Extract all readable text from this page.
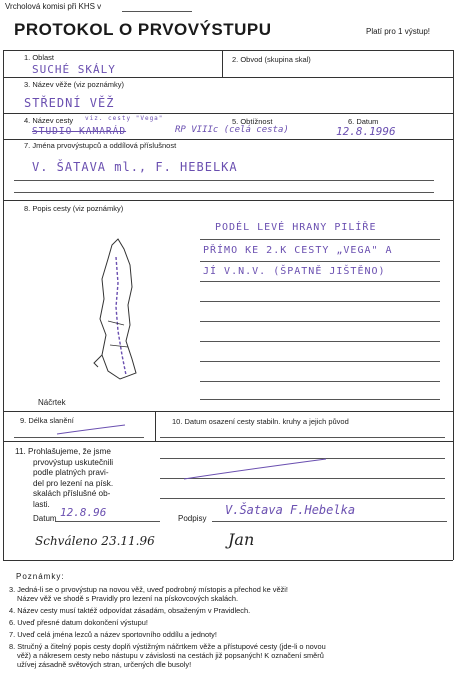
Vrcholová komisi při KHS v
PROTOKOL O PRVOVÝSTUPU	Platí pro 1 výstup!
1. Oblast
SUCHÉ SKÁLY
2. Obvod (skupina skal)
3. Název věže (viz poznámky)
STŘEDNÍ VĚŽ
4. Název cesty viz. cesty "Vega"
STUDIO KAMARÁD
5. Obtížnost
RP VIIIc (celá cesta)
6. Datum
12.8.1996
7. Jména prvovýstupců a oddílová příslušnost
V. ŠATAVA ml., F. HEBELKA
8. Popis cesty (viz poznámky)
PODÉL LEVÉ HRANY PILÍŘE
PŘÍMO KE 2.K CESTY „VEGA" A
JÍ V.N.V. (ŠPATNĚ JIŠTĚNO)
Náčrtek
9. Délka slanění	10. Datum osazení cesty stabiln. kruhy a jejich původ
11. Prohlašujeme, že jsme
prvovýstup uskutečnili
podle platných pravi-
del pro lezení na písk.
skalách příslušné ob-
lasti.
Datum 12.8.96	Podpisy
V.Šatava F.Hebelka
Schváleno 23.11.96	Jan
Poznámky:
3. Jedná-li se o prvovýstup na novou věž, uveď podrobný místopis a přechod ke věži!
Název věž ve shodě s Pravidly pro lezení na pískovcových skalách.
4. Název cesty musí taktéž odpovídat zásadám, obsaženým v Pravidlech.
6. Uveď přesné datum dokončení výstupu!
7. Uveď celá jména lezců a název sportovního oddílu a jednoty!
8. Stručný a čitelný popis cesty doplň výstižným náčrtkem věže a přístupové cesty (jde-li o novou
věž) a nákresem cesty nebo nástupu v závislosti na cestách již popsaných! K označení směrů
užívej zásadně světových stran, určených dle busoly!
